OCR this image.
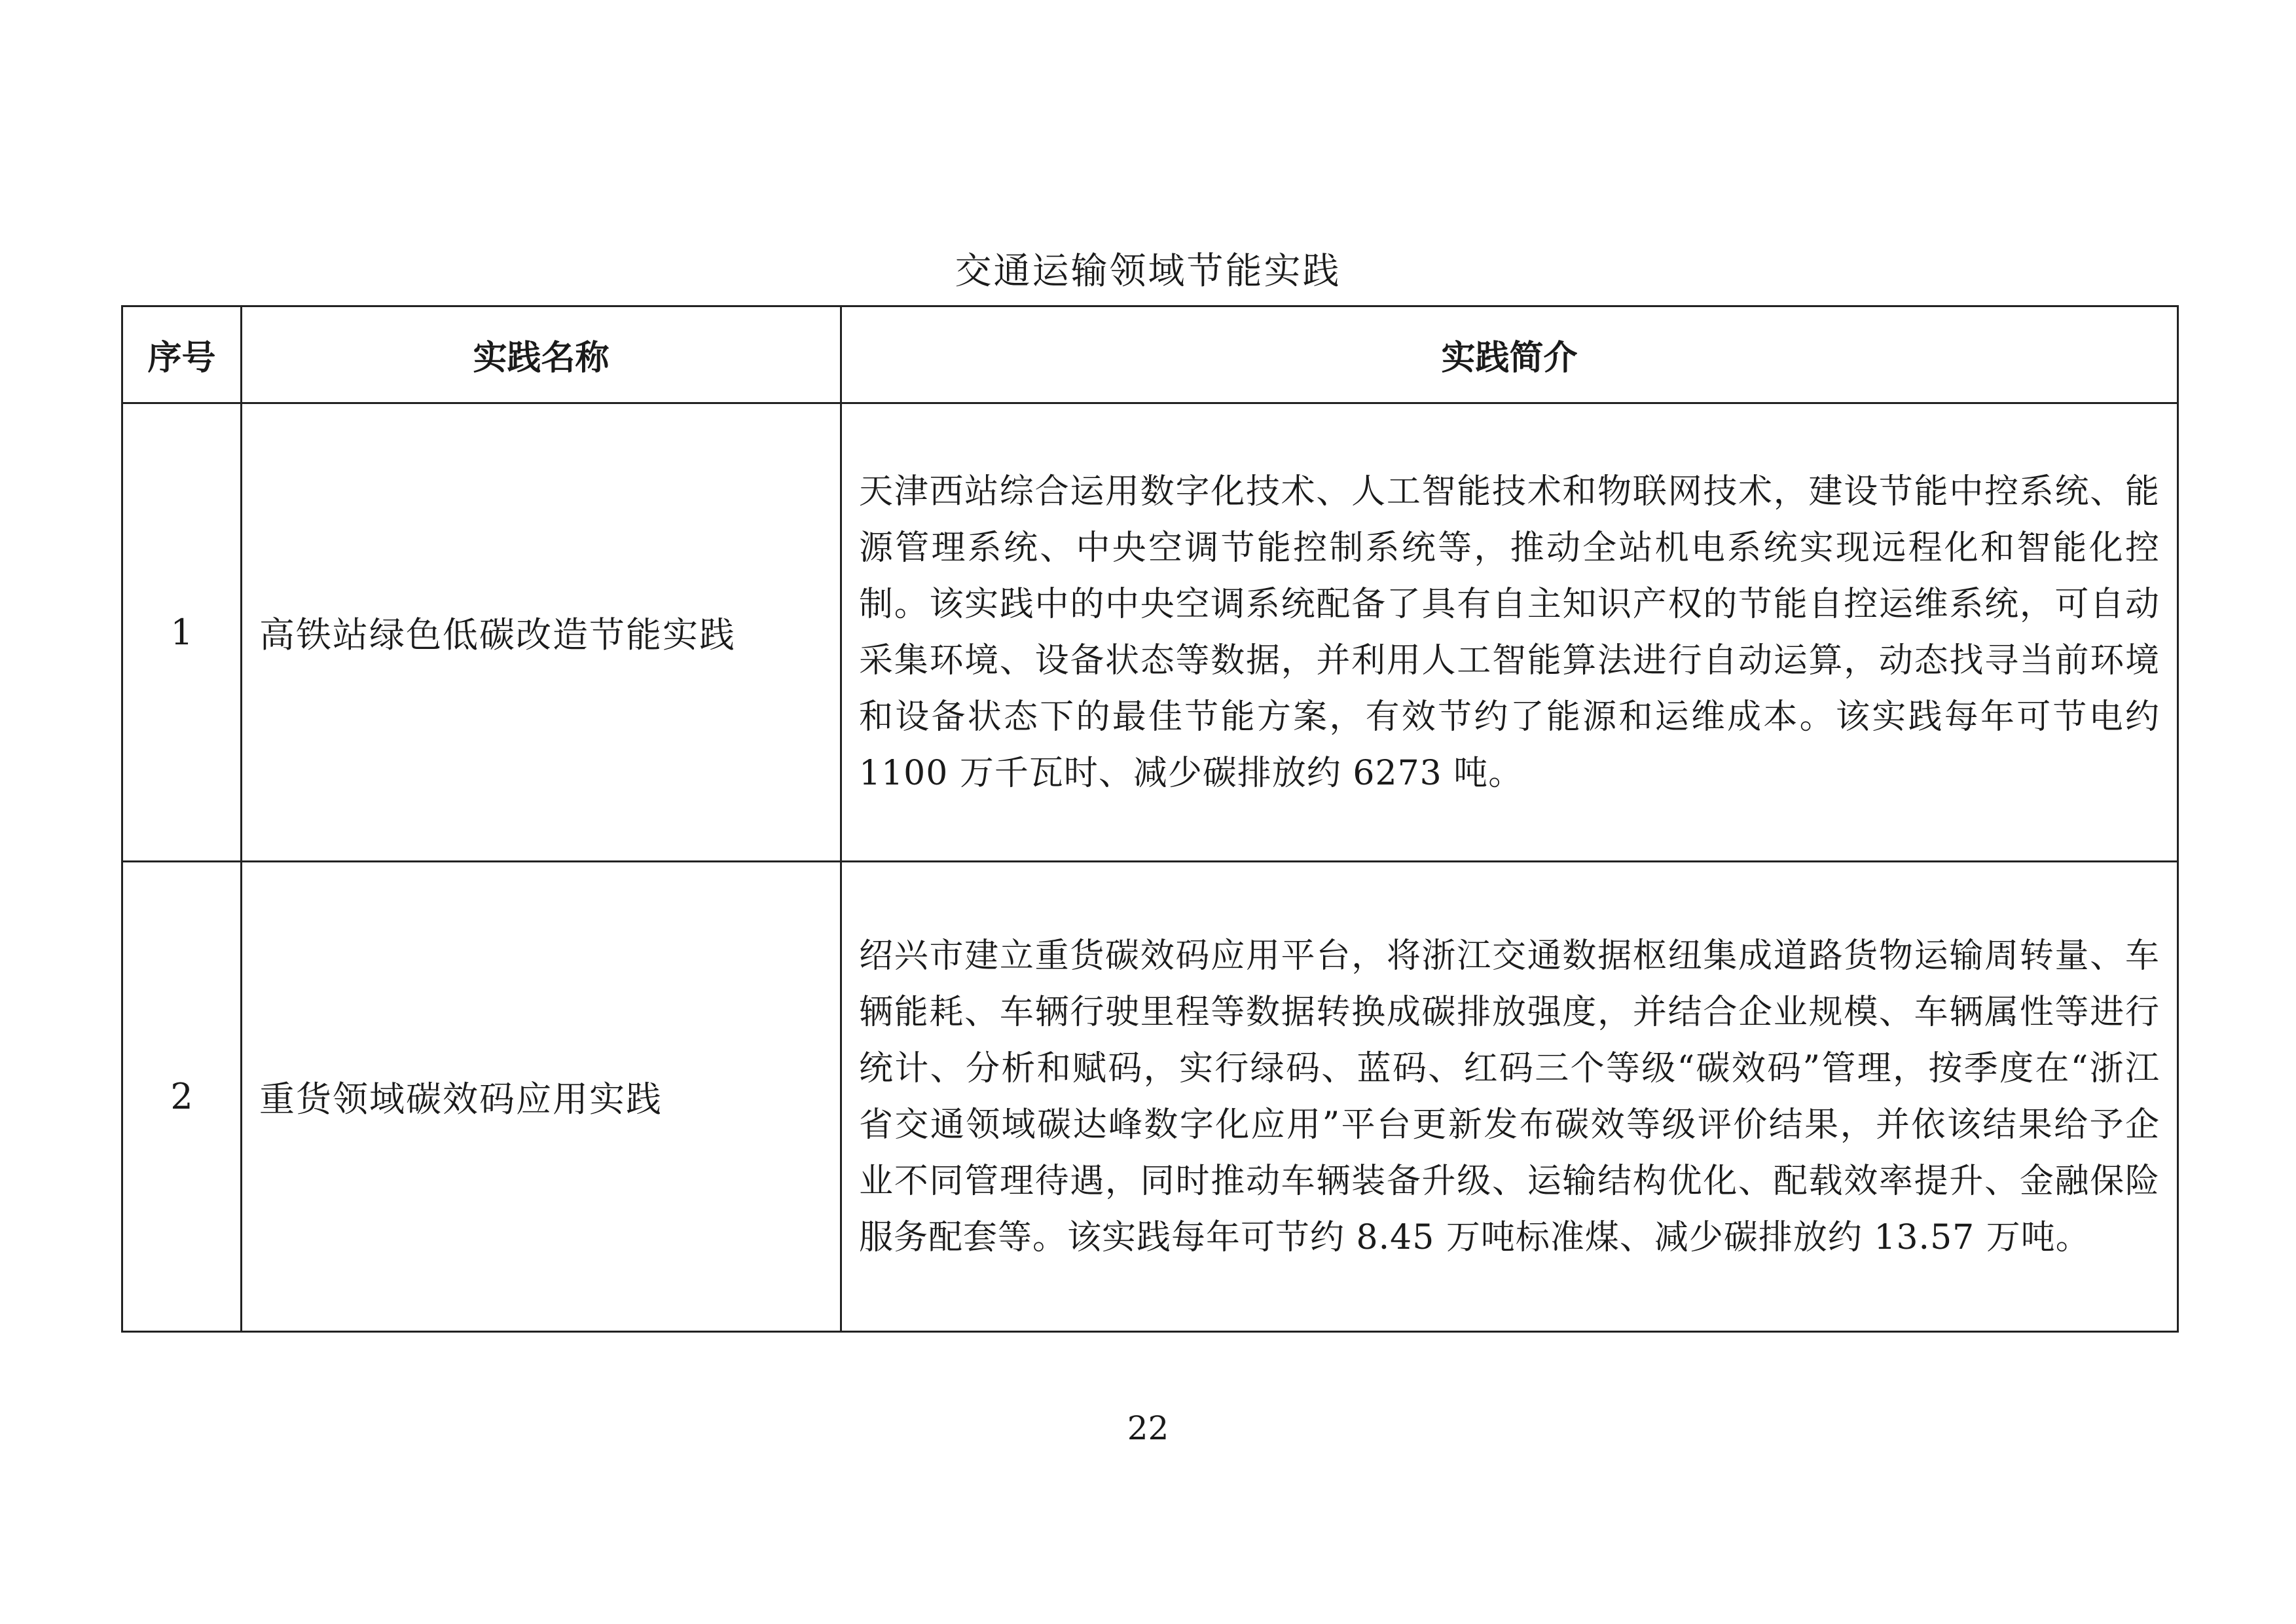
交通运输领域节能实践
序号	实践名称	实践简介
1	高铁站绿色低碳改造节能实践	天津西站综合运用数字化技术、人工智能技术和物联网技术，建设节能中控系统、能源管理系统、中央空调节能控制系统等，推动全站机电系统实现远程化和智能化控制。该实践中的中央空调系统配备了具有自主知识产权的节能自控运维系统，可自动采集环境、设备状态等数据，并利用人工智能算法进行自动运算，动态找寻当前环境和设备状态下的最佳节能方案，有效节约了能源和运维成本。该实践每年可节电约 1100 万千瓦时、减少碳排放约 6273 吨。
2	重货领域碳效码应用实践	绍兴市建立重货碳效码应用平台，将浙江交通数据枢纽集成道路货物运输周转量、车辆能耗、车辆行驶里程等数据转换成碳排放强度，并结合企业规模、车辆属性等进行统计、分析和赋码，实行绿码、蓝码、红码三个等级“碳效码”管理，按季度在“浙江省交通领域碳达峰数字化应用”平台更新发布碳效等级评价结果，并依该结果给予企业不同管理待遇，同时推动车辆装备升级、运输结构优化、配载效率提升、金融保险服务配套等。该实践每年可节约 8.45 万吨标准煤、减少碳排放约 13.57 万吨。
22
